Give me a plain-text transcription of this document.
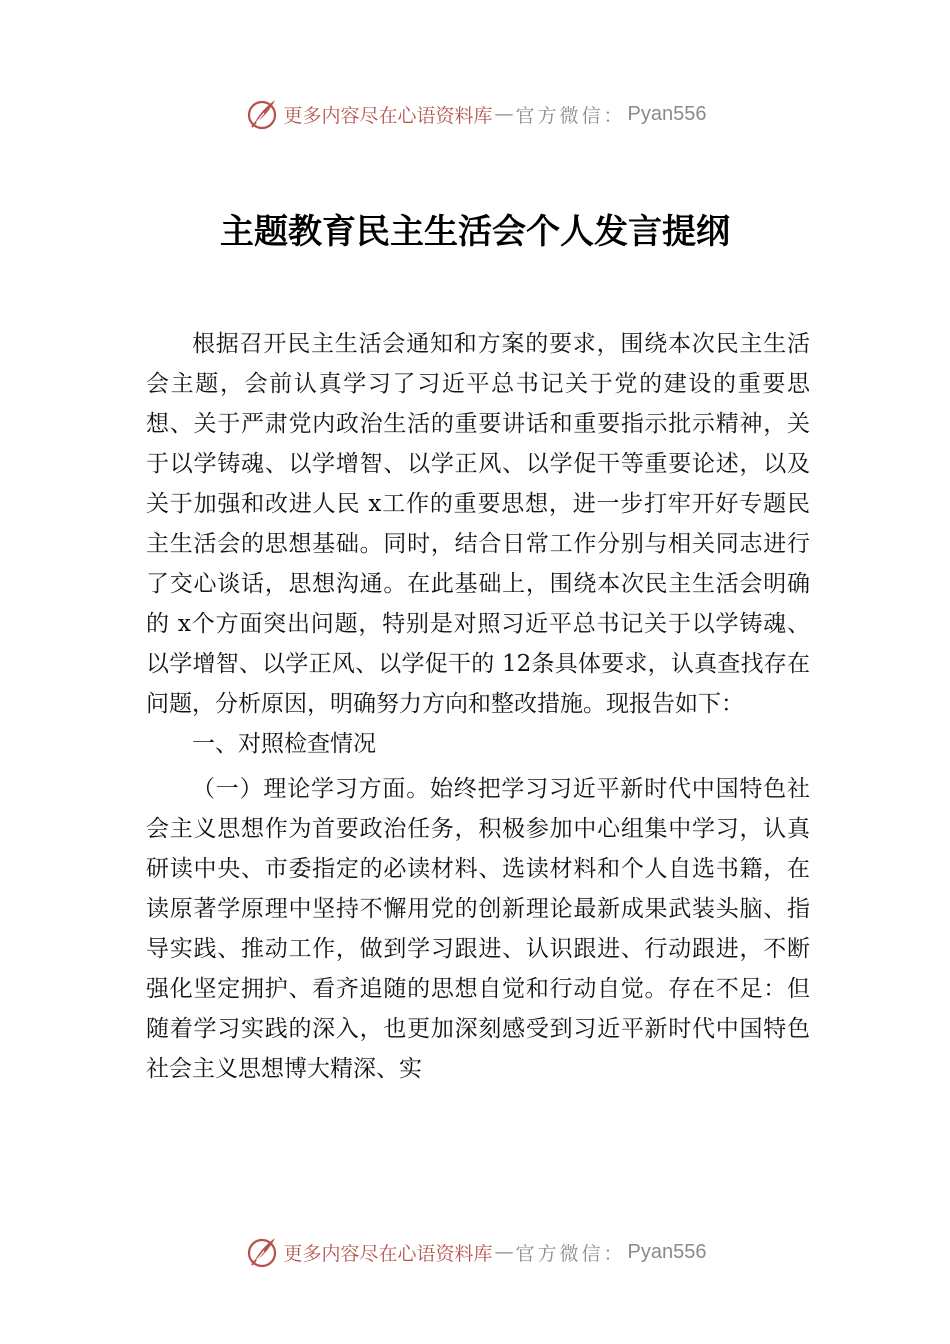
更多内容尽在心语资料库 — 官方微信： Pyan556
主题教育民主生活会个人发言提纲

根据召开民主生活会通知和方案的要求，围绕本次民主生活会主题，会前认真学习了习近平总书记关于党的建设的重要思想、关于严肃党内政治生活的重要讲话和重要指示批示精神，关于以学铸魂、以学增智、以学正风、以学促干等重要论述，以及关于加强和改进人民 x工作的重要思想，进一步打牢开好专题民主生活会的思想基础。同时，结合日常工作分别与相关同志进行了交心谈话，思想沟通。在此基础上，围绕本次民主生活会明确的 x个方面突出问题，特别是对照习近平总书记关于以学铸魂、以学增智、以学正风、以学促干的 12条具体要求，认真查找存在问题，分析原因，明确努力方向和整改措施。现报告如下：

一、对照检查情况

（一）理论学习方面。始终把学习习近平新时代中国特色社会主义思想作为首要政治任务，积极参加中心组集中学习，认真研读中央、市委指定的必读材料、选读材料和个人自选书籍，在读原著学原理中坚持不懈用党的创新理论最新成果武装头脑、指导实践、推动工作，做到学习跟进、认识跟进、行动跟进，不断强化坚定拥护、看齐追随的思想自觉和行动自觉。存在不足：但随着学习实践的深入，也更加深刻感受到习近平新时代中国特色社会主义思想博大精深、实

更多内容尽在心语资料库 — 官方微信： Pyan556
